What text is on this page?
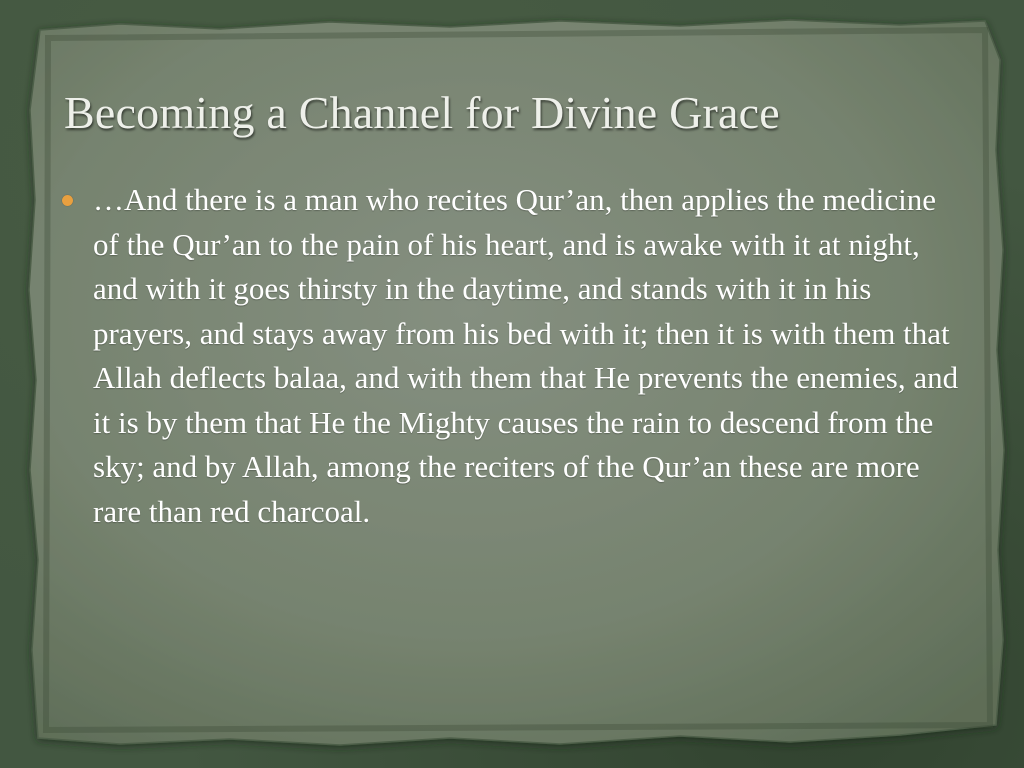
Becoming a Channel for Divine Grace
…And there is a man who recites Qur’an, then applies the medicine of the Qur’an to the pain of his heart, and is awake with it at night, and with it goes thirsty in the daytime, and stands with it in his prayers, and stays away from his bed with it; then it is with them that Allah deflects balaa, and with them that He prevents the enemies, and it is by them that He the Mighty causes the rain to descend from the sky; and by Allah, among the reciters of the Qur’an these are more rare than red charcoal.
